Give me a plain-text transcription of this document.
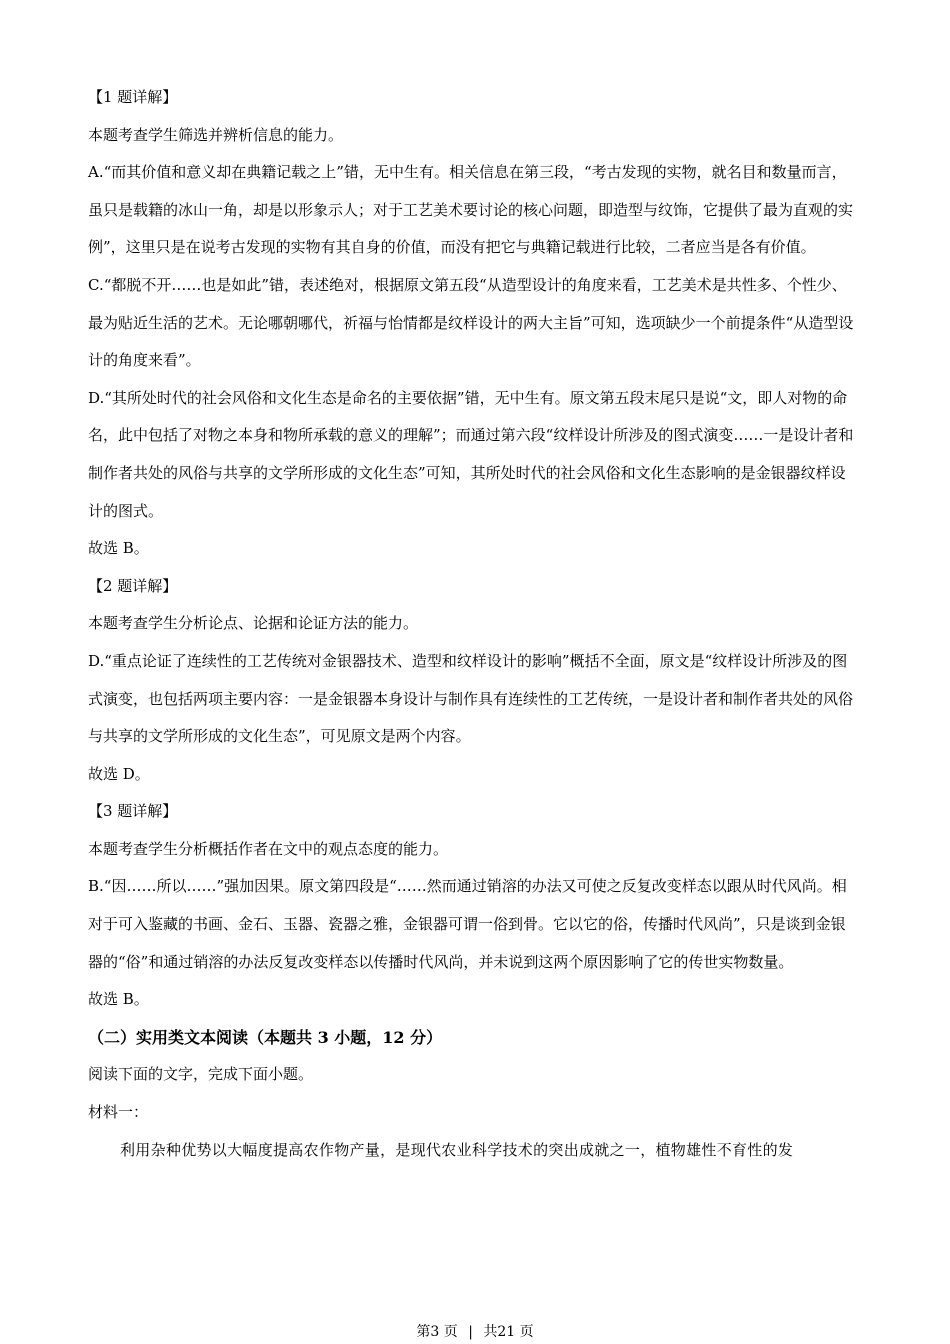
【1 题详解】

本题考查学生筛选并辨析信息的能力。

A.“而其价值和意义却在典籍记载之上”错，无中生有。相关信息在第三段，“考古发现的实物，就名目和数量而言，虽只是载籍的冰山一角，却是以形象示人；对于工艺美术要讨论的核心问题，即造型与纹饰，它提供了最为直观的实例”，这里只是在说考古发现的实物有其自身的价值，而没有把它与典籍记载进行比较，二者应当是各有价值。

C.“都脱不开……也是如此”错，表述绝对，根据原文第五段“从造型设计的角度来看，工艺美术是共性多、个性少、最为贴近生活的艺术。无论哪朝哪代，祈福与怡情都是纹样设计的两大主旨”可知，选项缺少一个前提条件“从造型设计的角度来看”。

D.“其所处时代的社会风俗和文化生态是命名的主要依据”错，无中生有。原文第五段末尾只是说“文，即人对物的命名，此中包括了对物之本身和物所承载的意义的理解”；而通过第六段“纹样设计所涉及的图式演变……一是设计者和制作者共处的风俗与共享的文学所形成的文化生态”可知，其所处时代的社会风俗和文化生态影响的是金银器纹样设计的图式。

故选 B。

【2 题详解】

本题考查学生分析论点、论据和论证方法的能力。

D.“重点论证了连续性的工艺传统对金银器技术、造型和纹样设计的影响”概括不全面，原文是“纹样设计所涉及的图式演变，也包括两项主要内容：一是金银器本身设计与制作具有连续性的工艺传统，一是设计者和制作者共处的风俗与共享的文学所形成的文化生态”，可见原文是两个内容。

故选 D。

【3 题详解】

本题考查学生分析概括作者在文中的观点态度的能力。

B.“因……所以……”强加因果。原文第四段是“……然而通过销溶的办法又可使之反复改变样态以跟从时代风尚。相对于可入鉴藏的书画、金石、玉器、瓷器之雅，金银器可谓一俗到骨。它以它的俗，传播时代风尚”，只是谈到金银器的“俗”和通过销溶的办法反复改变样态以传播时代风尚，并未说到这两个原因影响了它的传世实物数量。

故选 B。

（二）实用类文本阅读（本题共 3 小题，12 分）

阅读下面的文字，完成下面小题。

材料一：

利用杂种优势以大幅度提高农作物产量，是现代农业科学技术的突出成就之一，植物雄性不育性的发

第3 页 | 共21 页
